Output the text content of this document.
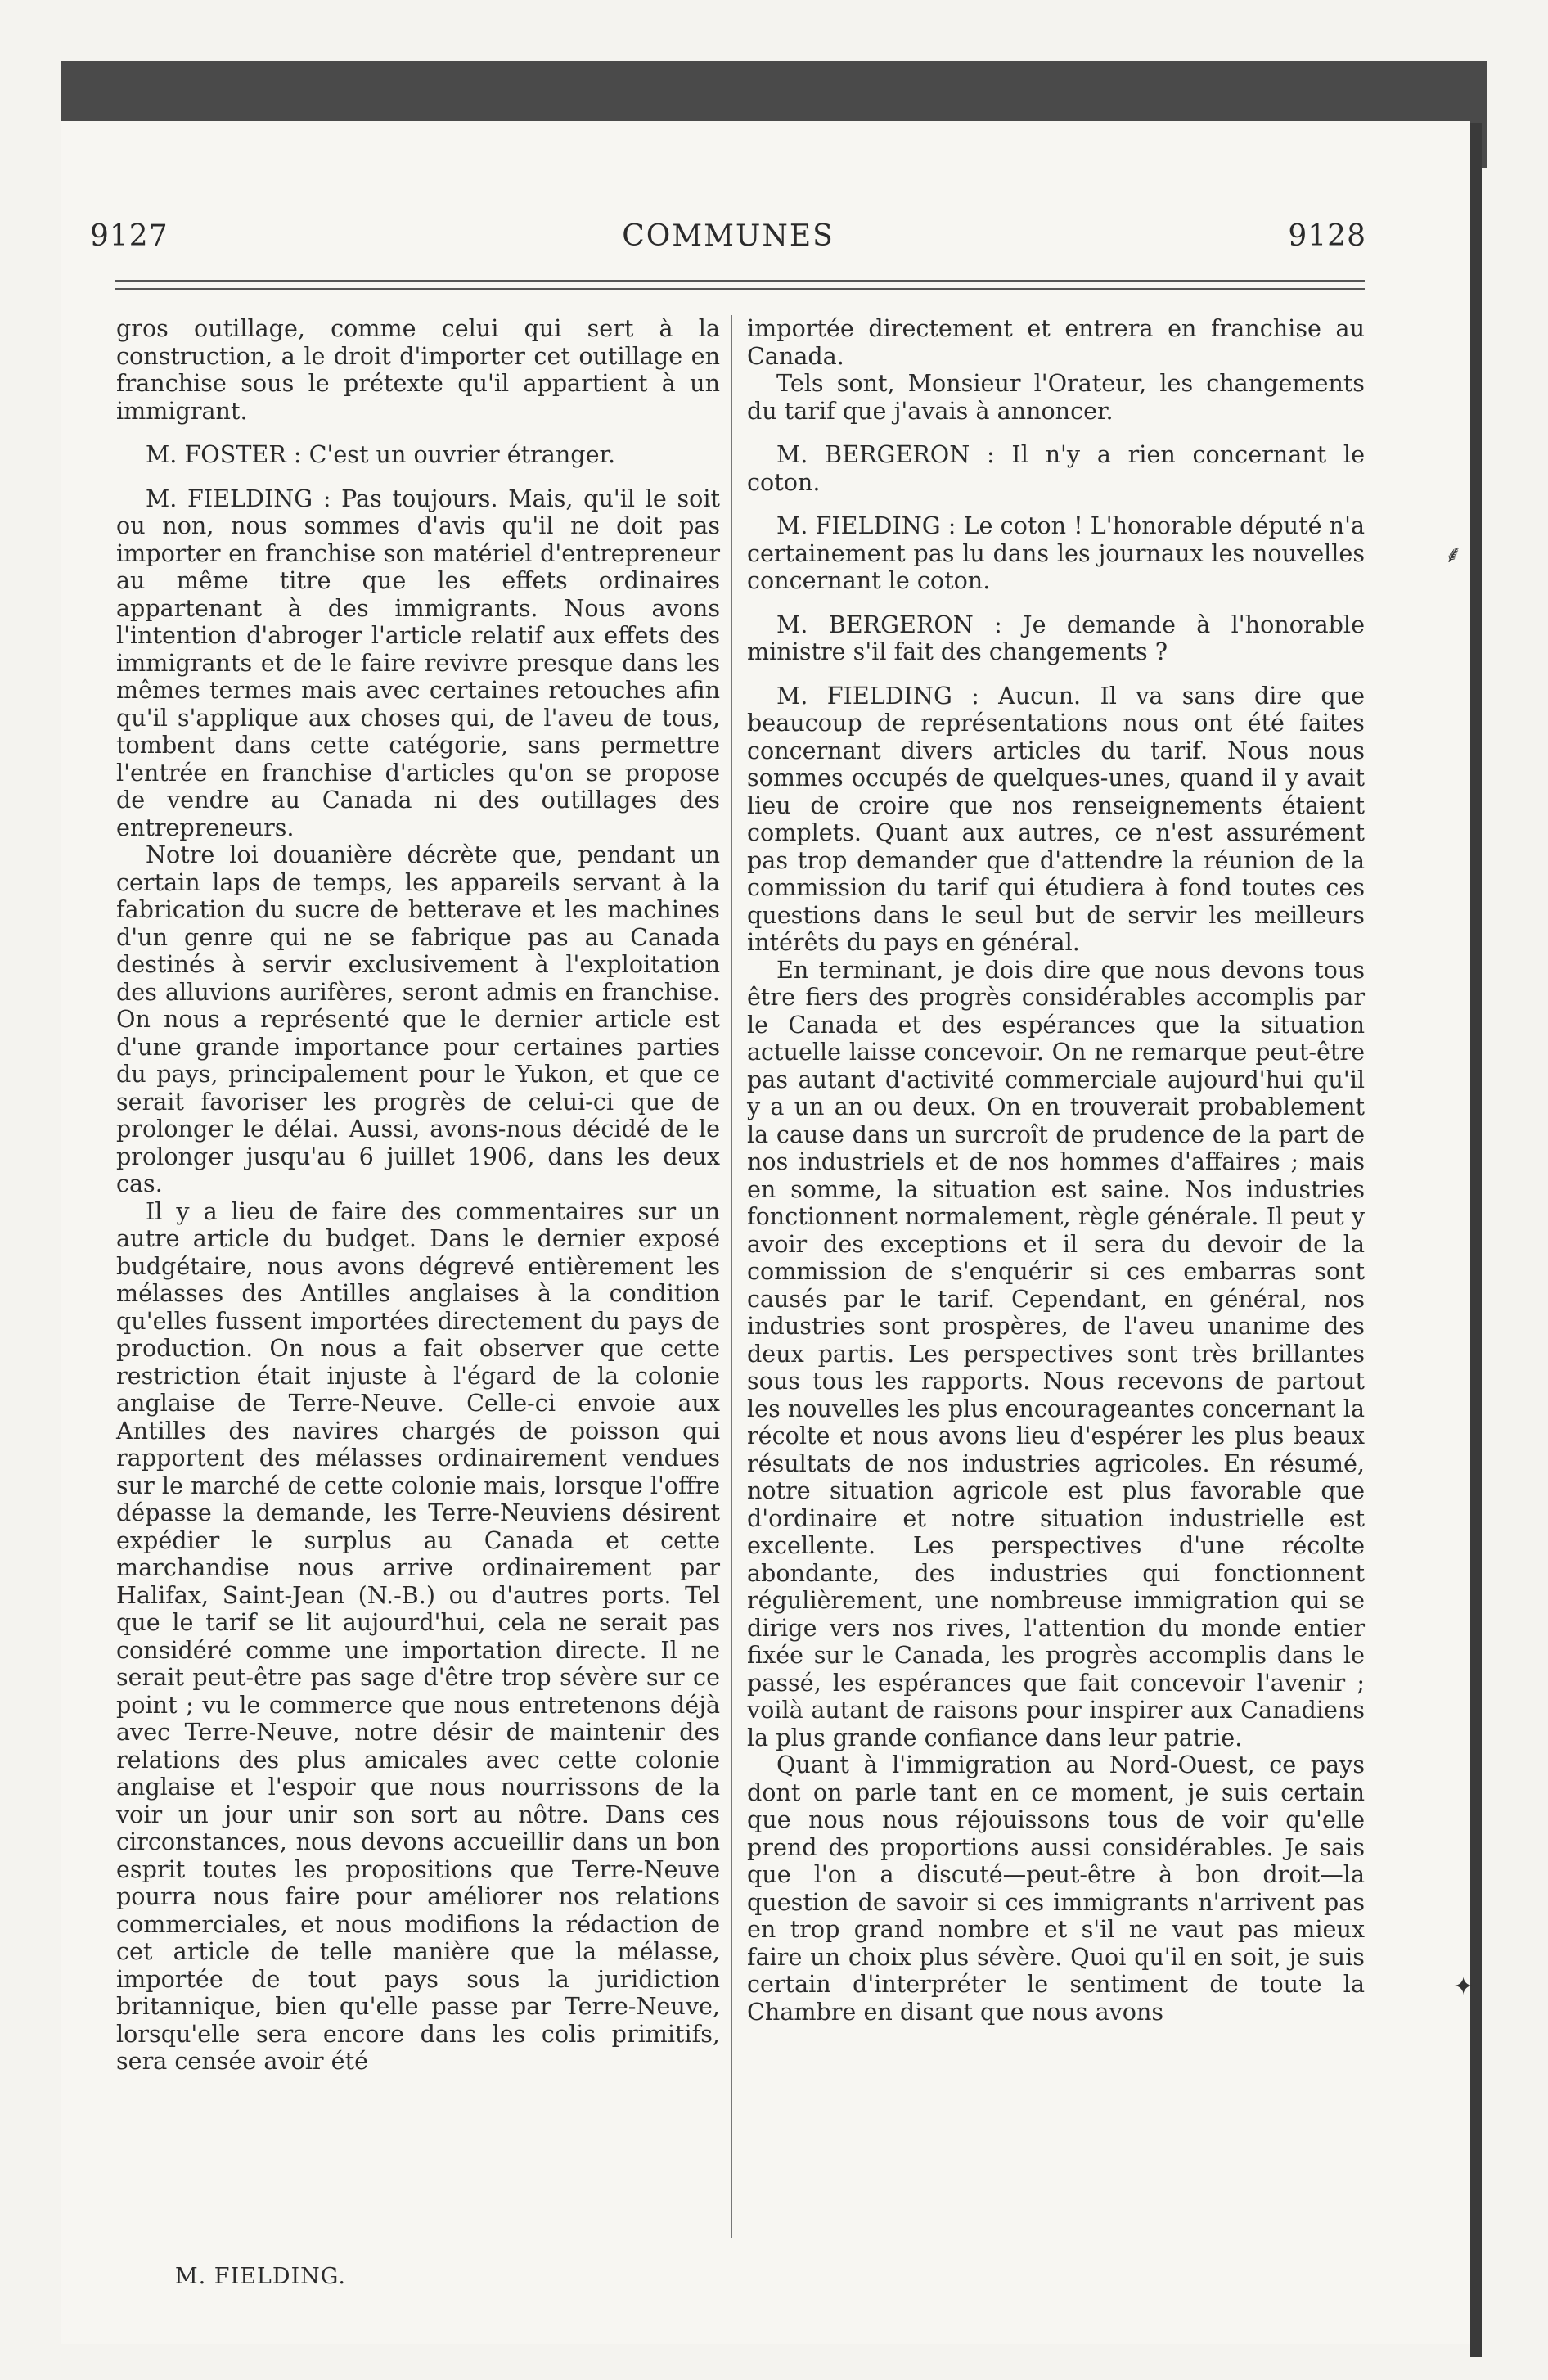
9127	COMMUNES	9128

gros outillage, comme celui qui sert à la construction, a le droit d'importer cet outillage en franchise sous le prétexte qu'il appartient à un immigrant.

M. FOSTER : C'est un ouvrier étranger.

M. FIELDING : Pas toujours. Mais, qu'il le soit ou non, nous sommes d'avis qu'il ne doit pas importer en franchise son matériel d'entrepreneur au même titre que les effets ordinaires appartenant à des immigrants. Nous avons l'intention d'abroger l'article relatif aux effets des immigrants et de le faire revivre presque dans les mêmes termes mais avec certaines retouches afin qu'il s'applique aux choses qui, de l'aveu de tous, tombent dans cette catégorie, sans permettre l'entrée en franchise d'articles qu'on se propose de vendre au Canada ni des outillages des entrepreneurs.

Notre loi douanière décrète que, pendant un certain laps de temps, les appareils servant à la fabrication du sucre de betterave et les machines d'un genre qui ne se fabrique pas au Canada destinés à servir exclusivement à l'exploitation des alluvions aurifères, seront admis en franchise. On nous a représenté que le dernier article est d'une grande importance pour certaines parties du pays, principalement pour le Yukon, et que ce serait favoriser les progrès de celui-ci que de prolonger le délai. Aussi, avons-nous décidé de le prolonger jusqu'au 6 juillet 1906, dans les deux cas.

Il y a lieu de faire des commentaires sur un autre article du budget. Dans le dernier exposé budgétaire, nous avons dégrevé entièrement les mélasses des Antilles anglaises à la condition qu'elles fussent importées directement du pays de production. On nous a fait observer que cette restriction était injuste à l'égard de la colonie anglaise de Terre-Neuve. Celle-ci envoie aux Antilles des navires chargés de poisson qui rapportent des mélasses ordinairement vendues sur le marché de cette colonie mais, lorsque l'offre dépasse la demande, les Terre-Neuviens désirent expédier le surplus au Canada et cette marchandise nous arrive ordinairement par Halifax, Saint-Jean (N.-B.) ou d'autres ports. Tel que le tarif se lit aujourd'hui, cela ne serait pas considéré comme une importation directe. Il ne serait peut-être pas sage d'être trop sévère sur ce point ; vu le commerce que nous entretenons déjà avec Terre-Neuve, notre désir de maintenir des relations des plus amicales avec cette colonie anglaise et l'espoir que nous nourrissons de la voir un jour unir son sort au nôtre. Dans ces circonstances, nous devons accueillir dans un bon esprit toutes les propositions que Terre-Neuve pourra nous faire pour améliorer nos relations commerciales, et nous modifions la rédaction de cet article de telle manière que la mélasse, importée de tout pays sous la juridiction britannique, bien qu'elle passe par Terre-Neuve, lorsqu'elle sera encore dans les colis primitifs, sera censée avoir été

importée directement et entrera en franchise au Canada.

Tels sont, Monsieur l'Orateur, les changements du tarif que j'avais à annoncer.

M. BERGERON : Il n'y a rien concernant le coton.

M. FIELDING : Le coton ! L'honorable député n'a certainement pas lu dans les journaux les nouvelles concernant le coton.

M. BERGERON : Je demande à l'honorable ministre s'il fait des changements ?

M. FIELDING : Aucun. Il va sans dire que beaucoup de représentations nous ont été faites concernant divers articles du tarif. Nous nous sommes occupés de quelques-unes, quand il y avait lieu de croire que nos renseignements étaient complets. Quant aux autres, ce n'est assurément pas trop demander que d'attendre la réunion de la commission du tarif qui étudiera à fond toutes ces questions dans le seul but de servir les meilleurs intérêts du pays en général.

En terminant, je dois dire que nous devons tous être fiers des progrès considérables accomplis par le Canada et des espérances que la situation actuelle laisse concevoir. On ne remarque peut-être pas autant d'activité commerciale aujourd'hui qu'il y a un an ou deux. On en trouverait probablement la cause dans un surcroît de prudence de la part de nos industriels et de nos hommes d'affaires ; mais en somme, la situation est saine. Nos industries fonctionnent normalement, règle générale. Il peut y avoir des exceptions et il sera du devoir de la commission de s'enquérir si ces embarras sont causés par le tarif. Cependant, en général, nos industries sont prospères, de l'aveu unanime des deux partis. Les perspectives sont très brillantes sous tous les rapports. Nous recevons de partout les nouvelles les plus encourageantes concernant la récolte et nous avons lieu d'espérer les plus beaux résultats de nos industries agricoles. En résumé, notre situation agricole est plus favorable que d'ordinaire et notre situation industrielle est excellente. Les perspectives d'une récolte abondante, des industries qui fonctionnent régulièrement, une nombreuse immigration qui se dirige vers nos rives, l'attention du monde entier fixée sur le Canada, les progrès accomplis dans le passé, les espérances que fait concevoir l'avenir ; voilà autant de raisons pour inspirer aux Canadiens la plus grande confiance dans leur patrie.

Quant à l'immigration au Nord-Ouest, ce pays dont on parle tant en ce moment, je suis certain que nous nous réjouissons tous de voir qu'elle prend des proportions aussi considérables. Je sais que l'on a discuté—peut-être à bon droit—la question de savoir si ces immigrants n'arrivent pas en trop grand nombre et s'il ne vaut pas mieux faire un choix plus sévère. Quoi qu'il en soit, je suis certain d'interpréter le sentiment de toute la Chambre en disant que nous avons

M. FIELDING.
⸙
✦
